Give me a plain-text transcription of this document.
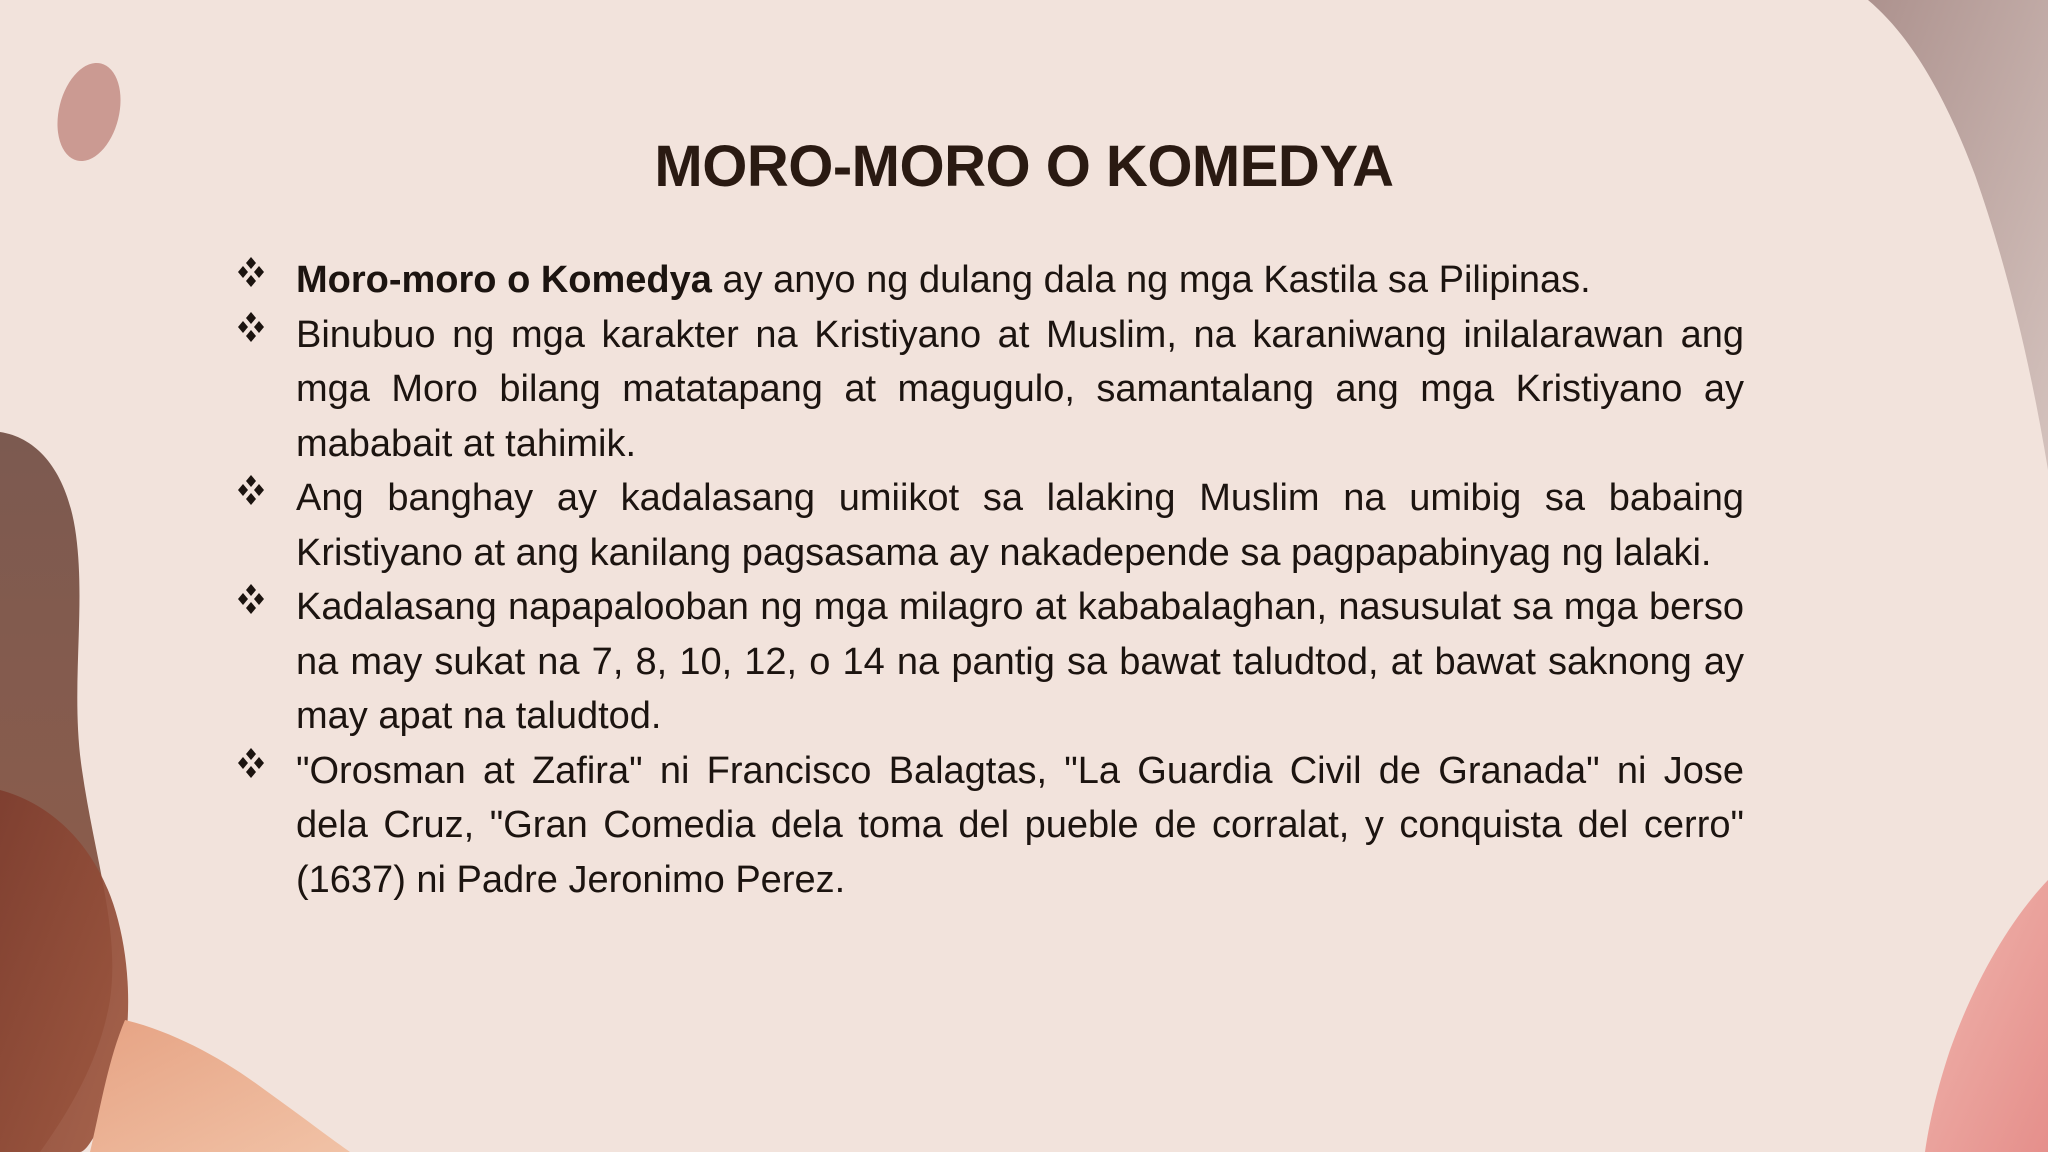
MORO-MORO O KOMEDYA
Moro-moro o Komedya ay anyo ng dulang dala ng mga Kastila sa Pilipinas.
Binubuo ng mga karakter na Kristiyano at Muslim, na karaniwang inilalarawan ang mga Moro bilang matatapang at magugulo, samantalang ang mga Kristiyano ay mababait at tahimik.
Ang banghay ay kadalasang umiikot sa lalaking Muslim na umibig sa babaing Kristiyano at ang kanilang pagsasama ay nakadepende sa pagpapabinyag ng lalaki.
Kadalasang napapalooban ng mga milagro at kababalaghan, nasusulat sa mga berso na may sukat na 7, 8, 10, 12, o 14 na pantig sa bawat taludtod, at bawat saknong ay may apat na taludtod.
"Orosman at Zafira" ni Francisco Balagtas, "La Guardia Civil de Granada" ni Jose dela Cruz, "Gran Comedia dela toma del pueble de corralat, y conquista del cerro" (1637) ni Padre Jeronimo Perez.
